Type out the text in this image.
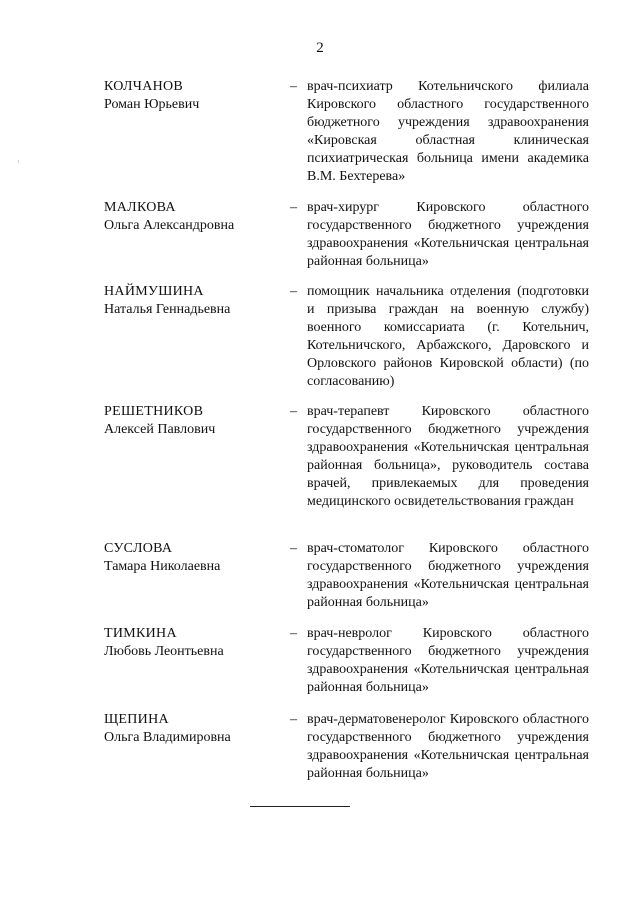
2
КОЛЧАНОВ
Роман Юрьевич
– врач-психиатр Котельничского филиала Кировского областного государственного бюджетного учреждения здравоохранения «Кировская областная клиническая психиатрическая больница имени академика В.М. Бехтерева»
МАЛКОВА
Ольга Александровна
– врач-хирург Кировского областного государственного бюджетного учреждения здравоохранения «Котельничская центральная районная больница»
НАЙМУШИНА
Наталья Геннадьевна
– помощник начальника отделения (подготовки и призыва граждан на военную службу) военного комиссариата (г. Котельнич, Котельничского, Арбажского, Даровского и Орловского районов Кировской области) (по согласованию)
РЕШЕТНИКОВ
Алексей Павлович
– врач-терапевт Кировского областного государственного бюджетного учреждения здравоохранения «Котельничская центральная районная больница», руководитель состава врачей, привлекаемых для проведения медицинского освидетельствования граждан
СУСЛОВА
Тамара Николаевна
– врач-стоматолог Кировского областного государственного бюджетного учреждения здравоохранения «Котельничская центральная районная больница»
ТИМКИНА
Любовь Леонтьевна
– врач-невролог Кировского областного государственного бюджетного учреждения здравоохранения «Котельничская центральная районная больница»
ЩЕПИНА
Ольга Владимировна
– врач-дерматовенеролог Кировского областного государственного бюджетного учреждения здравоохранения «Котельничская центральная районная больница»
